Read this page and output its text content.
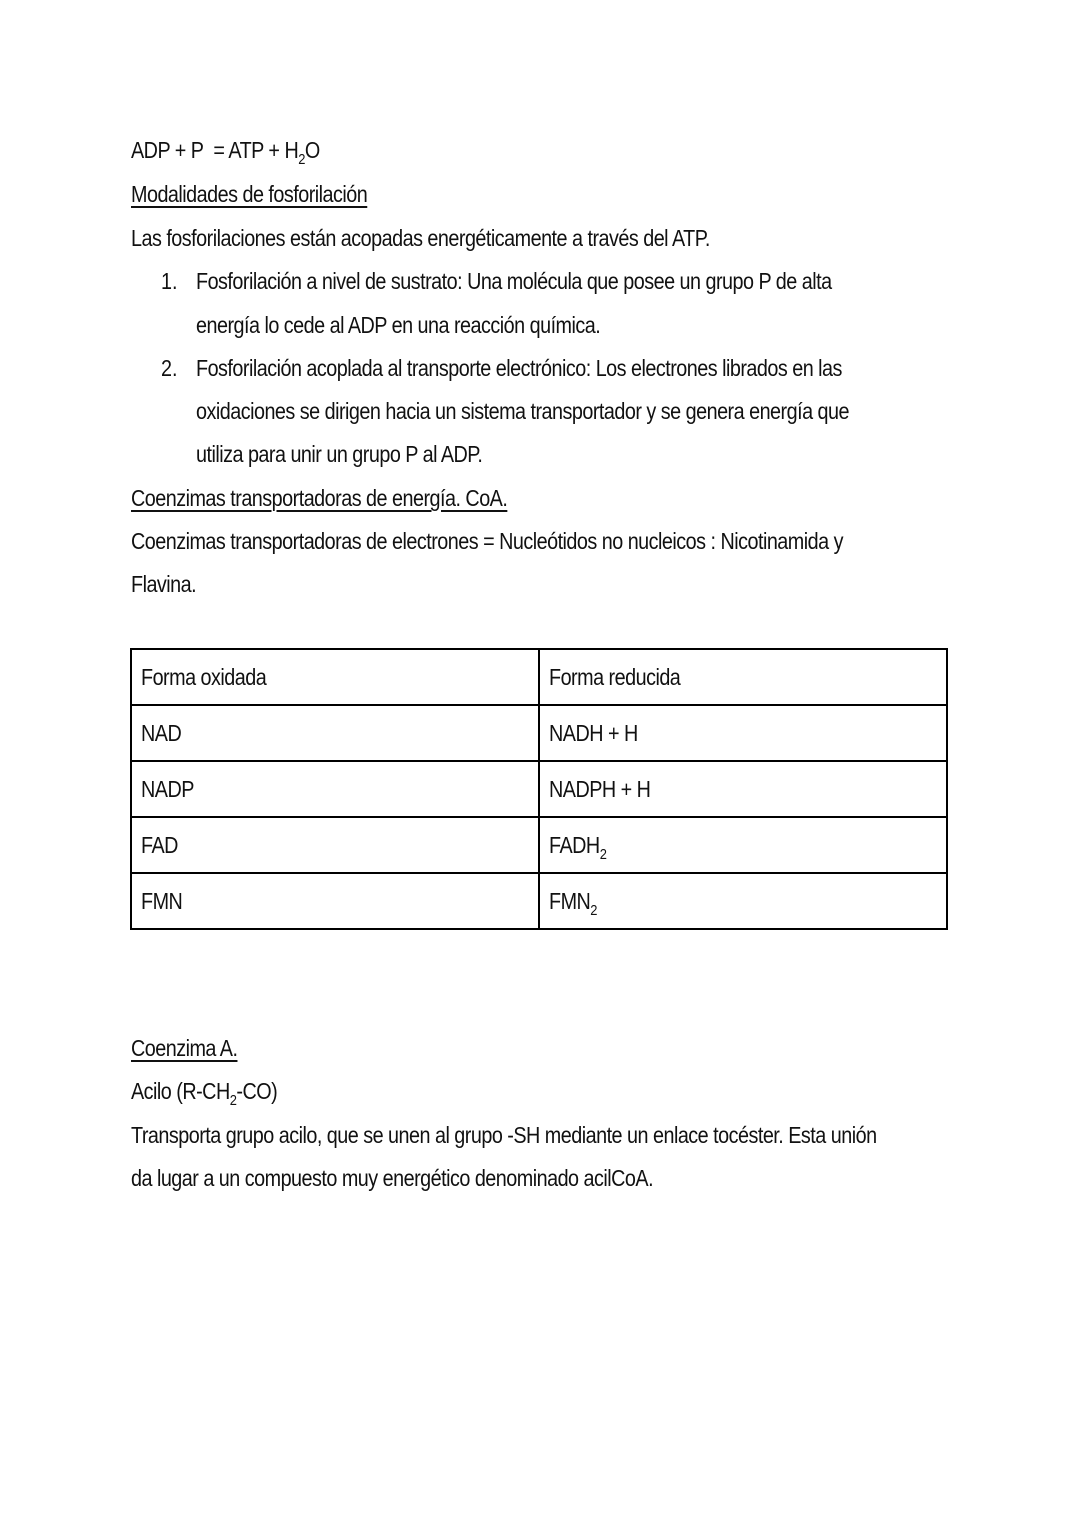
ADP + P = ATP + $H_2O$
Modalidades de fosforilación
Las fosforilaciones están acopadas energéticamente a través del ATP.
1. Fosforilación a nivel de sustrato: Una molécula que posee un grupo P de alta
energía lo cede al ADP en una reacción química.
2. Fosforilación acoplada al transporte electrónico: Los electrones librados en las
oxidaciones se dirigen hacia un sistema transportador y se genera energía que
utiliza para unir un grupo P al ADP.
Coenzimas transportadoras de energía. CoA.
Coenzimas transportadoras de electrones = Nucleótidos no nucleicos : Nicotinamida y
Flavina.
Forma oxidada	Forma reducida
NAD	NADH + H
NADP	NADPH + H
FAD	$FADH_2$
FMN	$FMN_2$
Coenzima A.
Acilo $(R-CH_2-CO)$
Transporta grupo acilo, que se unen al grupo -SH mediante un enlace tocéster. Esta unión
da lugar a un compuesto muy energético denominado acilCoA.
